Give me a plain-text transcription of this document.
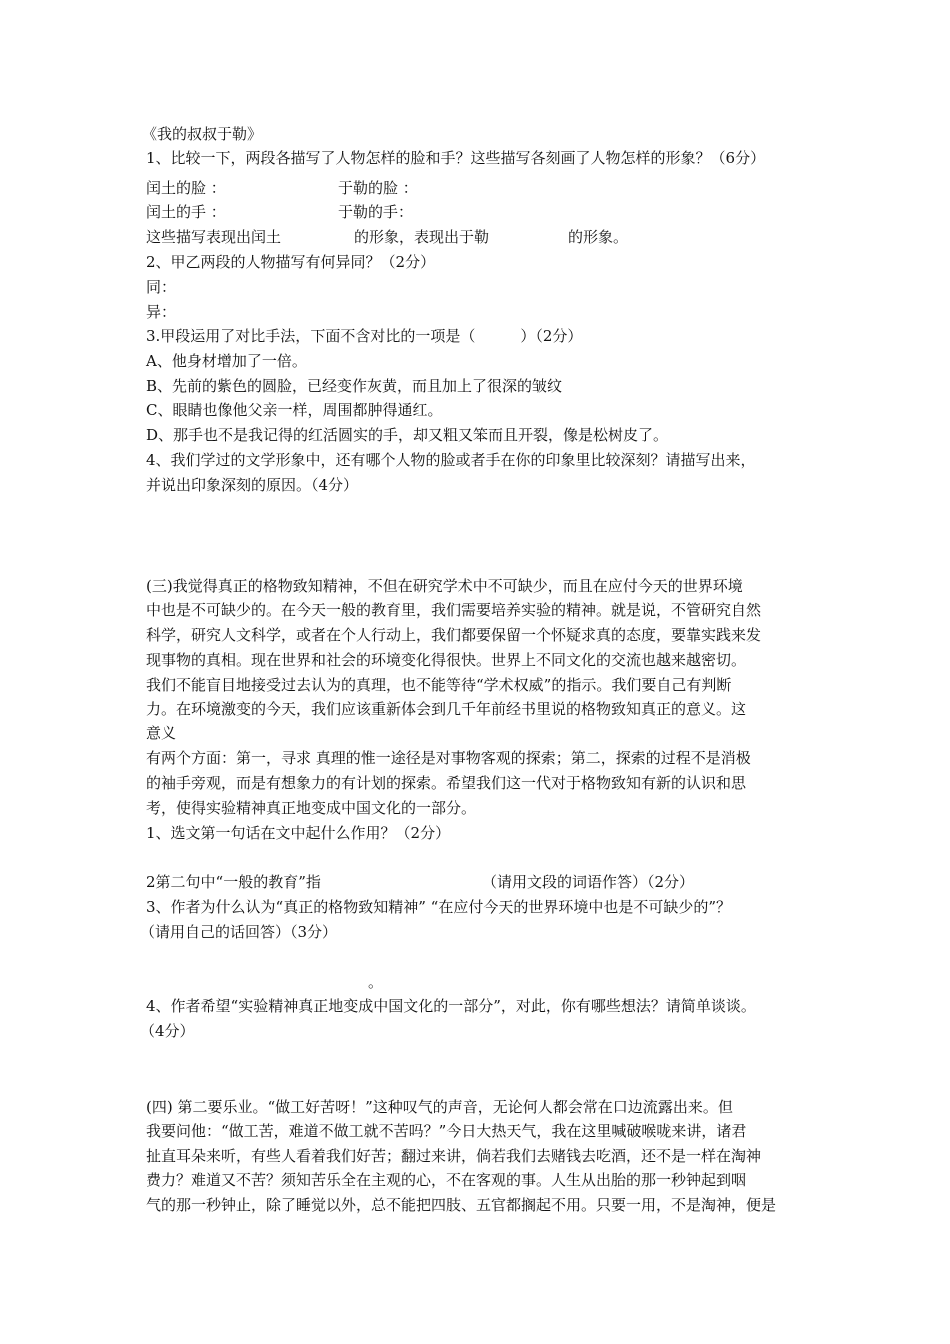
《我的叔叔于勒》
1、比较一下，两段各描写了人物怎样的脸和手？这些描写各刻画了人物怎样的形象？（6分）
闰土的脸 ：	于勒的脸 ：
闰土的手 ：	于勒的手：
这些描写表现出闰土	的形象，表现出于勒	的形象。
2、甲乙两段的人物描写有何异同？（2分）
同：
异：
3.甲段运用了对比手法，下面不含对比的一项是（　　　）（2分）
A、他身材增加了一倍。
B、先前的紫色的圆脸，已经变作灰黄，而且加上了很深的皱纹
C、眼睛也像他父亲一样，周围都肿得通红。
D、那手也不是我记得的红活圆实的手，却又粗又笨而且开裂，像是松树皮了。
4、我们学过的文学形象中，还有哪个人物的脸或者手在你的印象里比较深刻？请描写出来，
并说出印象深刻的原因。（4分）
(三)我觉得真正的格物致知精神，不但在研究学术中不可缺少，而且在应付今天的世界环境
中也是不可缺少的。在今天一般的教育里，我们需要培养实验的精神。就是说，不管研究自然
科学，研究人文科学，或者在个人行动上，我们都要保留一个怀疑求真的态度，要靠实践来发
现事物的真相。现在世界和社会的环境变化得很快。世界上不同文化的交流也越来越密切。
我们不能盲目地接受过去认为的真理，也不能等待“学术权威”的指示。我们要自己有判断
力。在环境激变的今天，我们应该重新体会到几千年前经书里说的格物致知真正的意义。这
意义
有两个方面：第一，寻求 真理的惟一途径是对事物客观的探索；第二，探索的过程不是消极
的袖手旁观，而是有想象力的有计划的探索。希望我们这一代对于格物致知有新的认识和思
考，使得实验精神真正地变成中国文化的一部分。
1、选文第一句话在文中起什么作用？（2分）
2第二句中“一般的教育”指	（请用文段的词语作答）（2分）
3、作者为什么认为“真正的格物致知精神” “在应付今天的世界环境中也是不可缺少的”？
（请用自己的话回答）（3分）
。
4、作者希望“实验精神真正地变成中国文化的一部分”，对此，你有哪些想法？请简单谈谈。
（4分）
(四) 第二要乐业。“做工好苦呀！”这种叹气的声音，无论何人都会常在口边流露出来。但
我要问他：“做工苦，难道不做工就不苦吗？”今日大热天气，我在这里喊破喉咙来讲，诸君
扯直耳朵来听，有些人看着我们好苦；翻过来讲，倘若我们去赌钱去吃酒，还不是一样在淘神
费力？难道又不苦？须知苦乐全在主观的心，不在客观的事。人生从出胎的那一秒钟起到咽
气的那一秒钟止，除了睡觉以外，总不能把四肢、五官都搁起不用。只要一用，不是淘神，便是
